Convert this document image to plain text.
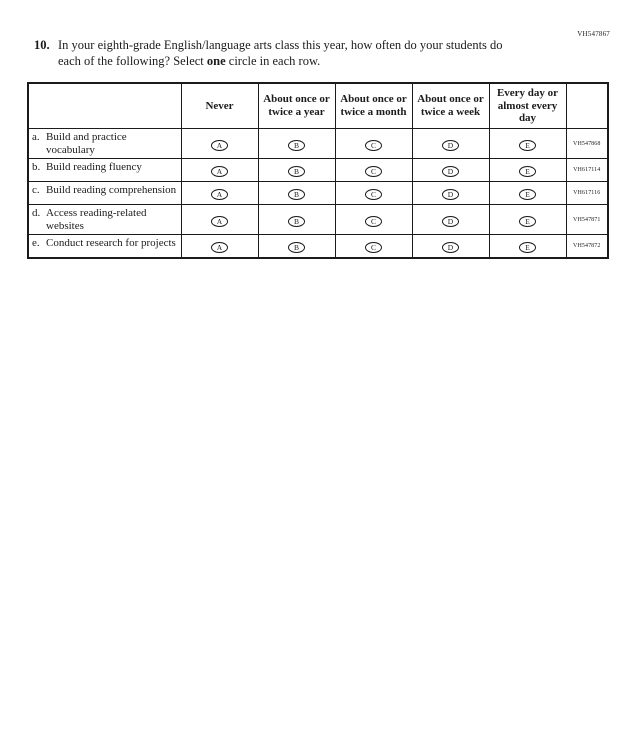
VH547867
10. In your eighth-grade English/language arts class this year, how often do your students do each of the following? Select one circle in each row.
	Never	About once or twice a year	About once or twice a month	About once or twice a week	Every day or almost every day	

a. Build and practice vocabulary	A	B	C	D	E	VH547868

b. Build reading fluency	A	B	C	D	E	VH617114

c. Build reading comprehension	A	B	C	D	E	VH617116

d. Access reading-related websites	A	B	C	D	E	VH547871

e. Conduct research for projects	A	B	C	D	E	VH547872
